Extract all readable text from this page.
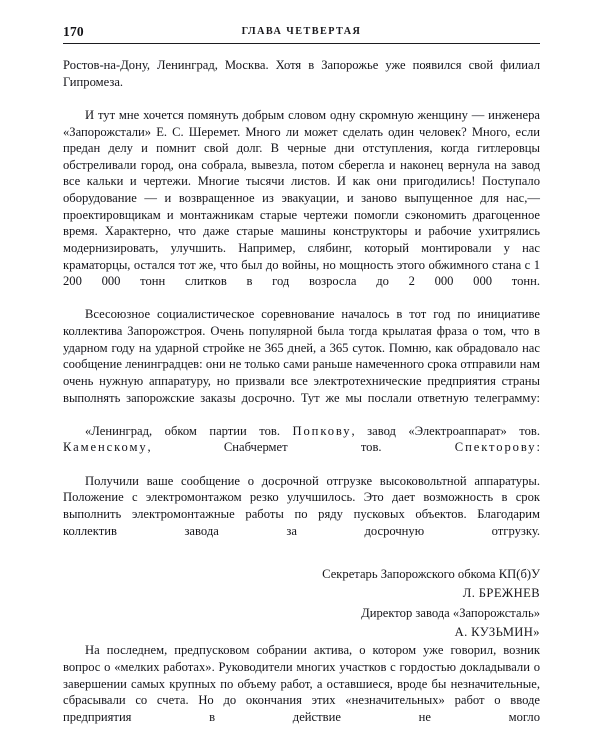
170	ГЛАВА ЧЕТВЕРТАЯ

Ростов-на-Дону, Ленинград, Москва. Хотя в Запорожье уже появился свой филиал Гипромеза.

И тут мне хочется помянуть добрым словом одну скромную женщину — инженера «Запорожстали» Е. С. Шеремет. Много ли может сделать один человек? Много, если предан делу и помнит свой долг. В черные дни отступления, когда гитлеровцы обстреливали город, она собрала, вывезла, потом сберегла и наконец вернула на завод все кальки и чертежи. Многие тысячи листов. И как они пригодились! Поступало оборудование — и возвращенное из эвакуации, и заново выпущенное для нас,— проектировщикам и монтажникам старые чертежи помогли сэкономить драгоценное время. Характерно, что даже старые машины конструкторы и рабочие ухитрялись модернизировать, улучшить. Например, слябинг, который монтировали у нас краматорцы, остался тот же, что был до войны, но мощность этого обжимного стана с 1 200 000 тонн слитков в год возросла до 2 000 000 тонн.

Всесоюзное социалистическое соревнование началось в тот год по инициативе коллектива Запорожстроя. Очень популярной была тогда крылатая фраза о том, что в ударном году на ударной стройке не 365 дней, а 365 суток. Помню, как обрадовало нас сообщение ленинградцев: они не только сами раньше намеченного срока отправили нам очень нужную аппаратуру, но призвали все электротехнические предприятия страны выполнять запорожские заказы досрочно. Тут же мы послали ответную телеграмму:

«Ленинград, обком партии тов. Попкову, завод «Электроаппарат» тов. Каменскому, Снабчермет тов. Спекторову:

Получили ваше сообщение о досрочной отгрузке высоковольтной аппаратуры. Положение с электромонтажом резко улучшилось. Это дает возможность в срок выполнить электромонтажные работы по ряду пусковых объектов. Благодарим коллектив завода за досрочную отгрузку.

Секретарь Запорожского обкома КП(б)У
Л. БРЕЖНЕВ
Директор завода «Запорожсталь»
А. КУЗЬМИН»

На последнем, предпусковом собрании актива, о котором уже говорил, возник вопрос о «мелких работах». Руководители многих участков с гордостью докладывали о завершении самых крупных по объему работ, а оставшиеся, вроде бы незначительные, сбрасывали со счета. Но до окончания этих «незначительных» работ о вводе предприятия в действие не могло
